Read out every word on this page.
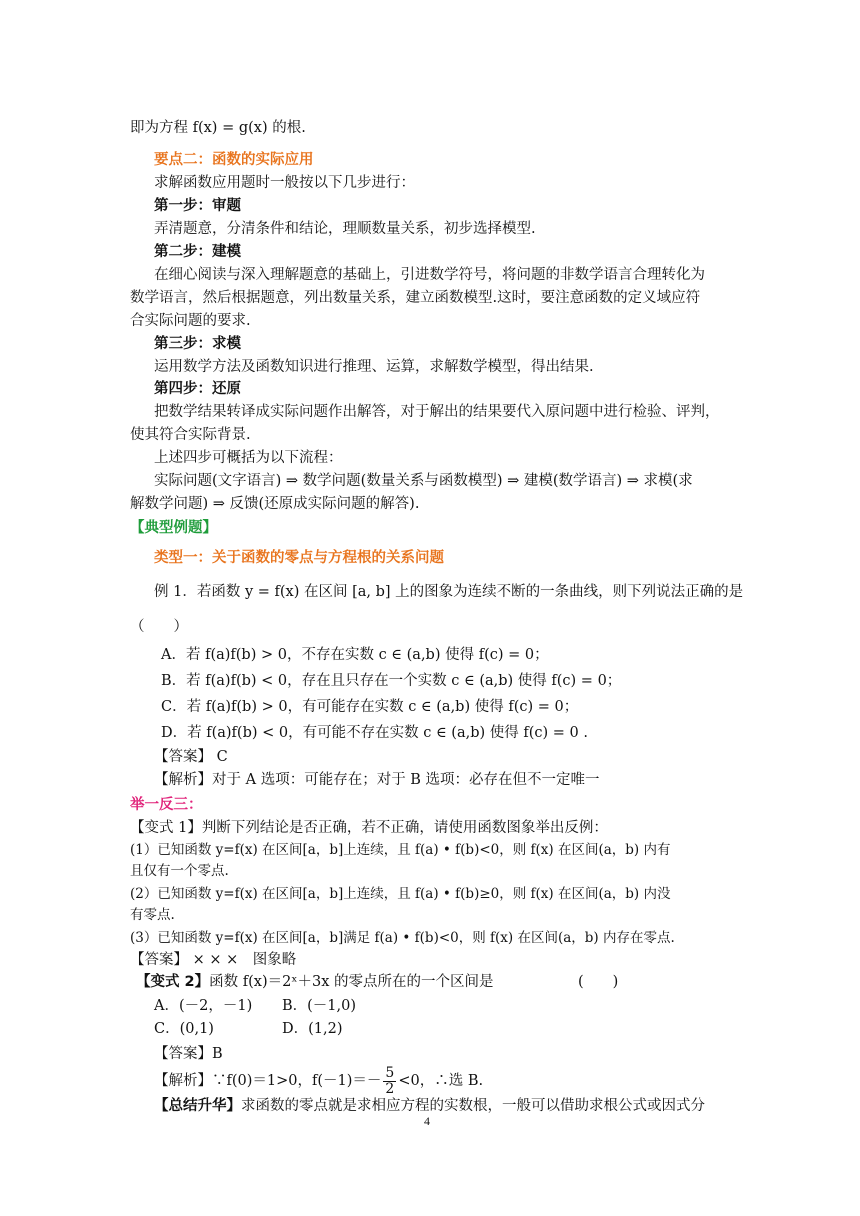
即为方程 f(x) = g(x) 的根.
要点二：函数的实际应用
求解函数应用题时一般按以下几步进行：
第一步：审题
弄清题意，分清条件和结论，理顺数量关系，初步选择模型.
第二步：建模
在细心阅读与深入理解题意的基础上，引进数学符号，将问题的非数学语言合理转化为
数学语言，然后根据题意，列出数量关系，建立函数模型.这时，要注意函数的定义域应符
合实际问题的要求.
第三步：求模
运用数学方法及函数知识进行推理、运算，求解数学模型，得出结果.
第四步：还原
把数学结果转译成实际问题作出解答，对于解出的结果要代入原问题中进行检验、评判，
使其符合实际背景.
上述四步可概括为以下流程：
实际问题(文字语言) ⇒ 数学问题(数量关系与函数模型) ⇒ 建模(数学语言) ⇒ 求模(求
解数学问题) ⇒ 反馈(还原成实际问题的解答).
【典型例题】
类型一：关于函数的零点与方程根的关系问题
例 1．若函数 y = f(x) 在区间 [a, b] 上的图象为连续不断的一条曲线，则下列说法正确的是
（　　）
A．若 f(a)f(b) > 0，不存在实数 c ∈ (a,b) 使得 f(c) = 0；
B．若 f(a)f(b) < 0，存在且只存在一个实数 c ∈ (a,b) 使得 f(c) = 0；
C．若 f(a)f(b) > 0，有可能存在实数 c ∈ (a,b) 使得 f(c) = 0；
D．若 f(a)f(b) < 0，有可能不存在实数 c ∈ (a,b) 使得 f(c) = 0 .
【答案】 C
【解析】对于 A 选项：可能存在；对于 B 选项：必存在但不一定唯一
举一反三：
【变式 1】判断下列结论是否正确，若不正确，请使用函数图象举出反例：
(1）已知函数 y=f(x) 在区间[a，b]上连续，且 f(a) • f(b)<0，则 f(x) 在区间(a，b) 内有
且仅有一个零点.
(2）已知函数 y=f(x) 在区间[a，b]上连续，且 f(a) • f(b)≥0，则 f(x) 在区间(a，b) 内没
有零点.
(3）已知函数 y=f(x) 在区间[a，b]满足 f(a) • f(b)<0，则 f(x) 在区间(a，b) 内存在零点.
【答案】 × × ×　图象略
【变式 2】函数 f(x)＝2ˣ＋3x 的零点所在的一个区间是	(　　)
A．(－2，－1) B．(－1,0)
C．(0,1)	D．(1,2)
【答案】B
【解析】∵f(0)＝1>0，$f(-1)=- \frac{5}{2} <0$，∴选 B.
【总结升华】求函数的零点就是求相应方程的实数根，一般可以借助求根公式或因式分
4
